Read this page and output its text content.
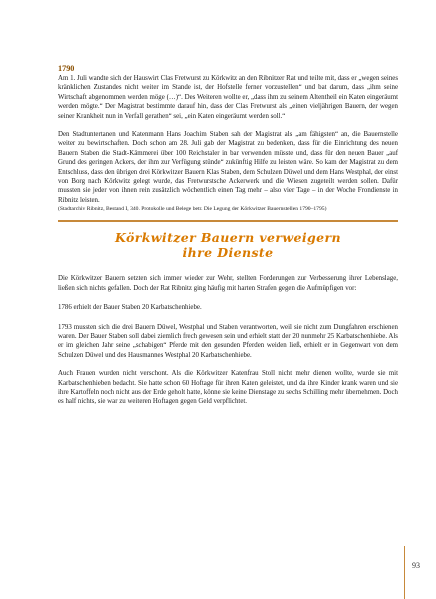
1790

Am 1. Juli wandte sich der Hauswirt Clas Fretwurst zu Körkwitz an den Ribnitzer Rat und teilte mit, dass er „wegen seines kränklichen Zustandes nicht weiter im Stande ist, der Hofstelle ferner vorzustellen“ und bat darum, dass „ihm seine Wirtschaft abgenommen werden möge (…)“. Des Weiteren wollte er, „dass ihm zu seinem Altentheil ein Katen eingeräumt werden mögte.“ Der Magistrat bestimmte darauf hin, dass der Clas Fretwurst als „einen vieljährigen Bauern, der wegen seiner Krankheit nun in Verfall gerathen“ sei, „ein Katen eingeräumt werden soll.“

Den Stadtuntertanen und Katenmann Hans Joachim Staben sah der Magistrat als „am fähigsten“ an, die Bauernstelle weiter zu bewirtschaften. Doch schon am 28. Juli gab der Magistrat zu bedenken, dass für die Einrichtung des neuen Bauern Staben die Stadt-Kämmerei über 100 Reichstaler in bar verwenden müsste und, dass für den neuen Bauer „auf Grund des geringen Ackers, der ihm zur Verfügung stünde“ zukünftig Hilfe zu leisten wäre. So kam der Magistrat zu dem Entschluss, dass den übrigen drei Körkwitzer Bauern Klas Staben, dem Schulzen Düwel und dem Hans Westphal, der einst von Borg nach Körkwitz gelegt wurde, das Fretwurstsche Ackerwerk und die Wiesen zugeteilt werden sollen. Dafür mussten sie jeder von ihnen rein zusätzlich wöchentlich einen Tag mehr – also vier Tage – in der Woche Frondienste in Ribnitz leisten.

(Stadtarchiv Ribnitz, Bestand I, 340. Protokolle und Belege betr. Die Legung der Körkwitzer Bauernstellen 1790–1795)

Körkwitzer Bauern verweigern
ihre Dienste

Die Körkwitzer Bauern setzten sich immer wieder zur Wehr, stellten Forderungen zur Verbesserung ihrer Lebenslage, ließen sich nichts gefallen. Doch der Rat Ribnitz ging häufig mit harten Strafen gegen die Aufmüpfigen vor:

1786 erhielt der Bauer Staben 20 Karbatschenhiebe.

1793 mussten sich die drei Bauern Düwel, Westphal und Staben verantworten, weil sie nicht zum Dungfahren erschienen waren. Der Bauer Staben soll dabei ziemlich frech gewesen sein und erhielt statt der 20 nunmehr 25 Karbatschenhiebe. Als er im gleichen Jahr seine „schabigen“ Pferde mit den gesunden Pferden weiden ließ, erhielt er in Gegenwart von dem Schulzen Düwel und des Hausmannes Westphal 20 Karbatschenhiebe.

Auch Frauen wurden nicht verschont. Als die Körkwitzer Katenfrau Stoll nicht mehr dienen wollte, wurde sie mit Karbatschenhieben bedacht. Sie hatte schon 60 Hoftage für ihren Katen geleistet, und da ihre Kinder krank waren und sie ihre Kartoffeln noch nicht aus der Erde geholt hatte, könne sie keine Dienstage zu sechs Schilling mehr übernehmen. Doch es half nichts, sie war zu weiteren Hoftagen gegen Geld verpflichtet.

93
